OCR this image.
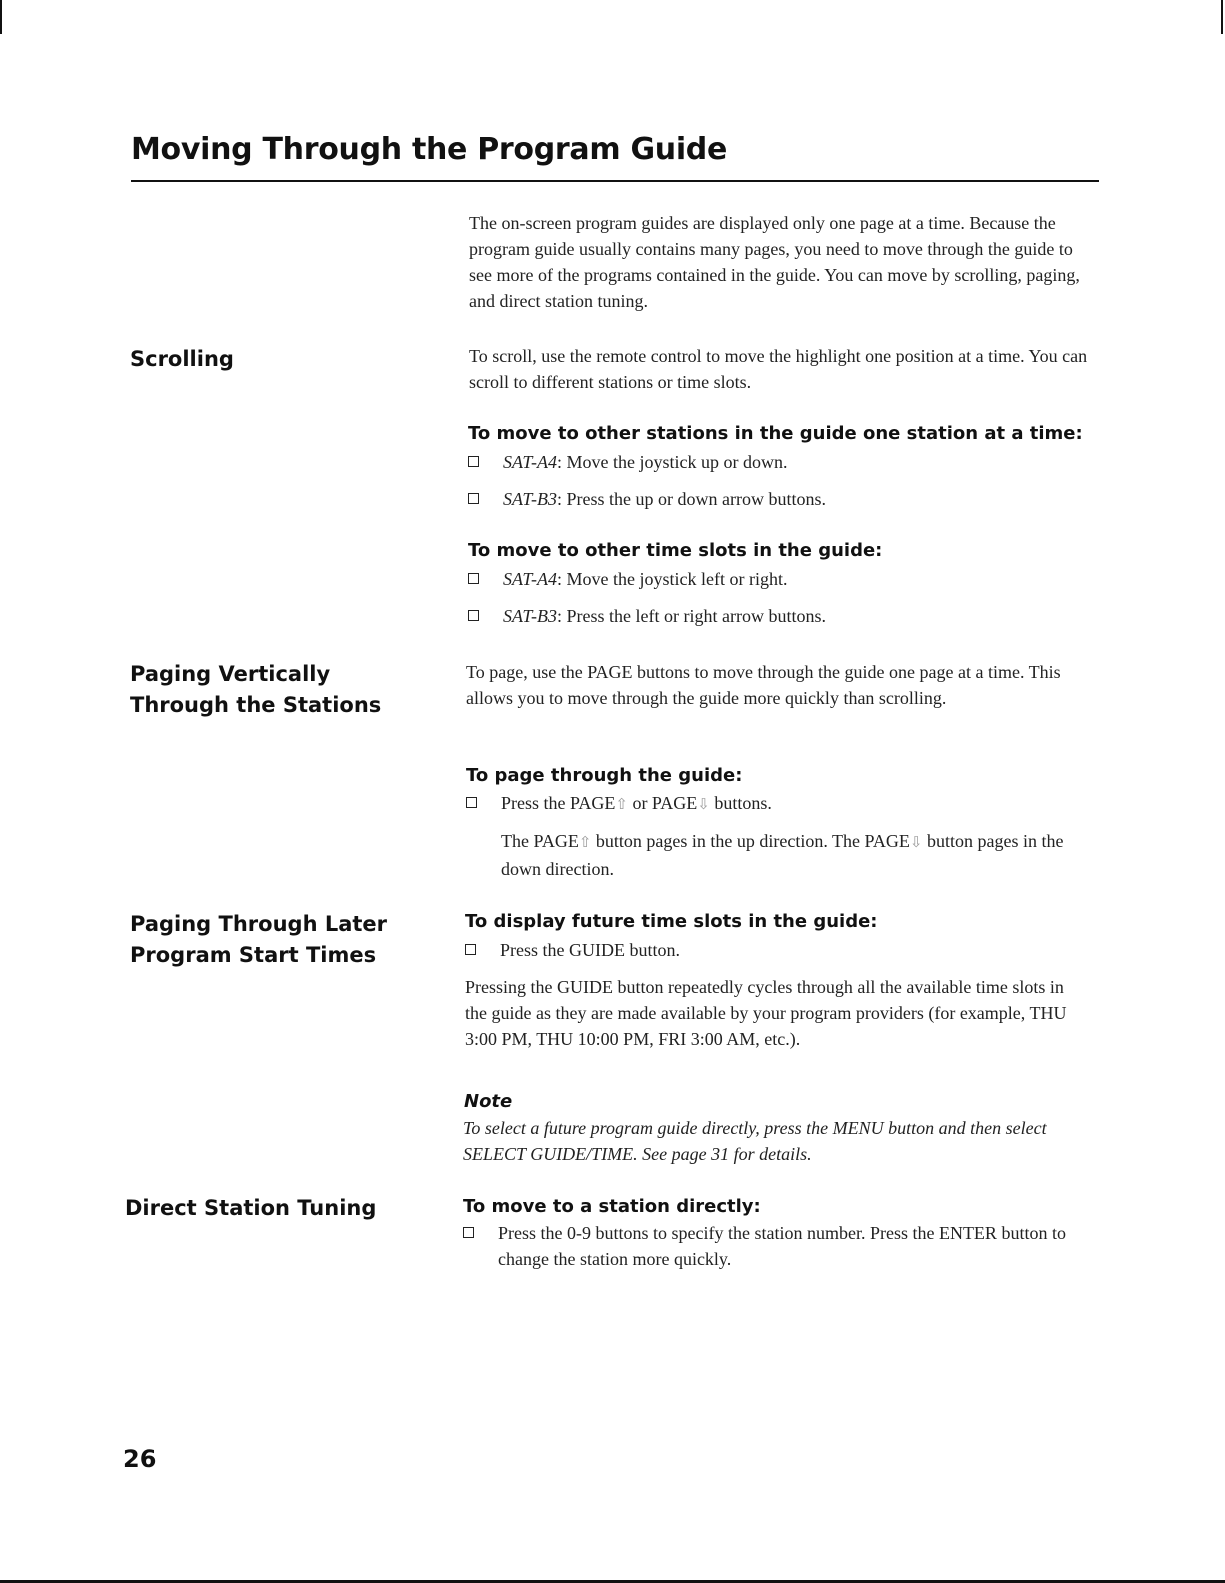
Moving Through the Program Guide

The on-screen program guides are displayed only one page at a time. Because the program guide usually contains many pages, you need to move through the guide to see more of the programs contained in the guide. You can move by scrolling, paging, and direct station tuning.

Scrolling	To scroll, use the remote control to move the highlight one position at a time. You can scroll to different stations or time slots.

To move to other stations in the guide one station at a time:

SAT-A4: Move the joystick up or down.

SAT-B3: Press the up or down arrow buttons.

To move to other time slots in the guide:

SAT-A4: Move the joystick left or right.

SAT-B3: Press the left or right arrow buttons.

Paging Vertically
Through the Stations

To page, use the PAGE buttons to move through the guide one page at a time. This allows you to move through the guide more quickly than scrolling.

To page through the guide:

Press the PAGE⇧ or PAGE⇩ buttons.

The PAGE⇧ button pages in the up direction. The PAGE⇩ button pages in the down direction.

Paging Through Later
Program Start Times
To display future time slots in the guide:

Press the GUIDE button.

Pressing the GUIDE button repeatedly cycles through all the available time slots in the guide as they are made available by your program providers (for example, THU 3:00 PM, THU 10:00 PM, FRI 3:00 AM, etc.).

Note

To select a future program guide directly, press the MENU button and then select SELECT GUIDE/TIME. See page 31 for details.

Direct Station Tuning	To move to a station directly:

Press the 0-9 buttons to specify the station number. Press the ENTER button to change the station more quickly.

26
